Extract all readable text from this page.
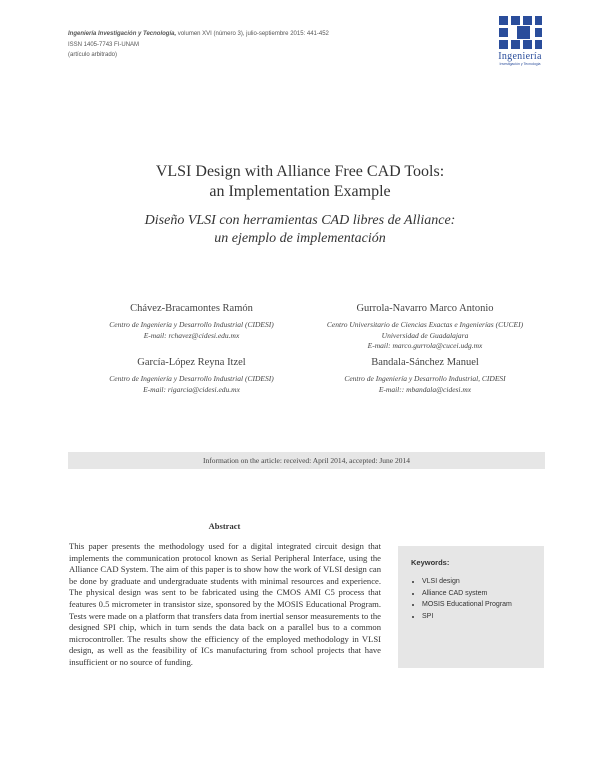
Ingeniería Investigación y Tecnología, volumen XVI (número 3), julio-septiembre 2015: 441-452
ISSN 1405-7743 FI-UNAM
(artículo arbitrado)	Ingeniería
Investigación y Tecnología
VLSI Design with Alliance Free CAD Tools:
an Implementation Example
Diseño VLSI con herramientas CAD libres de Alliance:
un ejemplo de implementación
Chávez-Bracamontes Ramón
Centro de Ingeniería y Desarrollo Industrial (CIDESI)
E-mail: rchavez@cidesi.edu.mx
Gurrola-Navarro Marco Antonio
Centro Universitario de Ciencias Exactas e Ingenierías (CUCEI)
Universidad de Guadalajara
E-mail: marco.gurrola@cucei.udg.mx
García-López Reyna Itzel
Centro de Ingeniería y Desarrollo Industrial (CIDESI)
E-mail: rigarcia@cidesi.edu.mx
Bandala-Sánchez Manuel
Centro de Ingeniería y Desarrollo Industrial, CIDESI
E-mail:: mbandala@cidesi.mx
Information on the article: received: April 2014, accepted: June 2014
Abstract
This paper presents the methodology used for a digital integrated circuit design that implements the communication protocol known as Serial Peripheral Interface, using the Alliance CAD System. The aim of this paper is to show how the work of VLSI design can be done by graduate and undergraduate students with minimal resources and experience. The physical design was sent to be fabricated using the CMOS AMI C5 process that features 0.5 micrometer in transistor size, sponsored by the MOSIS Educational Program. Tests were made on a platform that transfers data from inertial sensor measurements to the designed SPI chip, which in turn sends the data back on a parallel bus to a common microcontroller. The results show the efficiency of the employed methodology in VLSI design, as well as the feasibility of ICs manufacturing from school projects that have insufficient or no source of funding.
Keywords:
• VLSI design
• Alliance CAD system
• MOSIS Educational Program
• SPI
